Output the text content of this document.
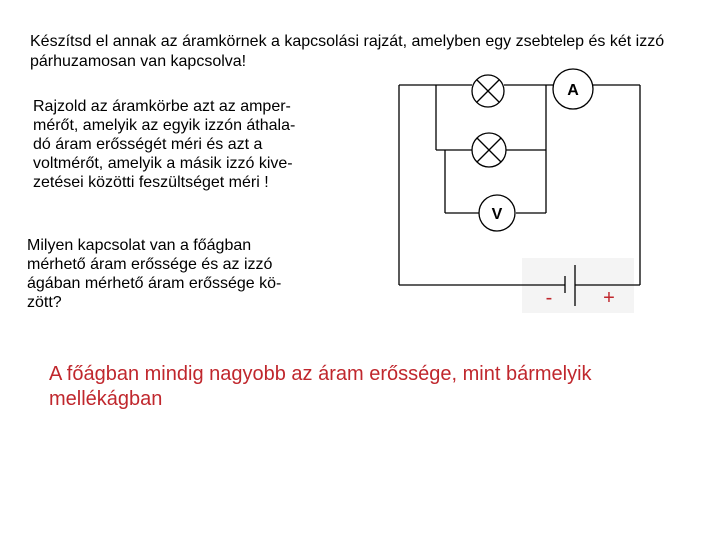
Készítsd el annak az áramkörnek a kapcsolási rajzát, amelyben egy zsebtelep és két izzó párhuzamosan van kapcsolva!

Rajzold az áramkörbe azt az amper-
mérőt, amelyik az egyik izzón áthala-
dó áram erősségét méri és azt a
voltmérőt, amelyik a másik izzó kive-
zetései közötti feszültséget méri !

Milyen kapcsolat van a főágban
mérhető áram erőssége és az izzó
ágában mérhető áram erőssége kö-
zött?

A főágban mindig nagyobb az áram erőssége, mint bármelyik mellékágban

A
V
-	+
